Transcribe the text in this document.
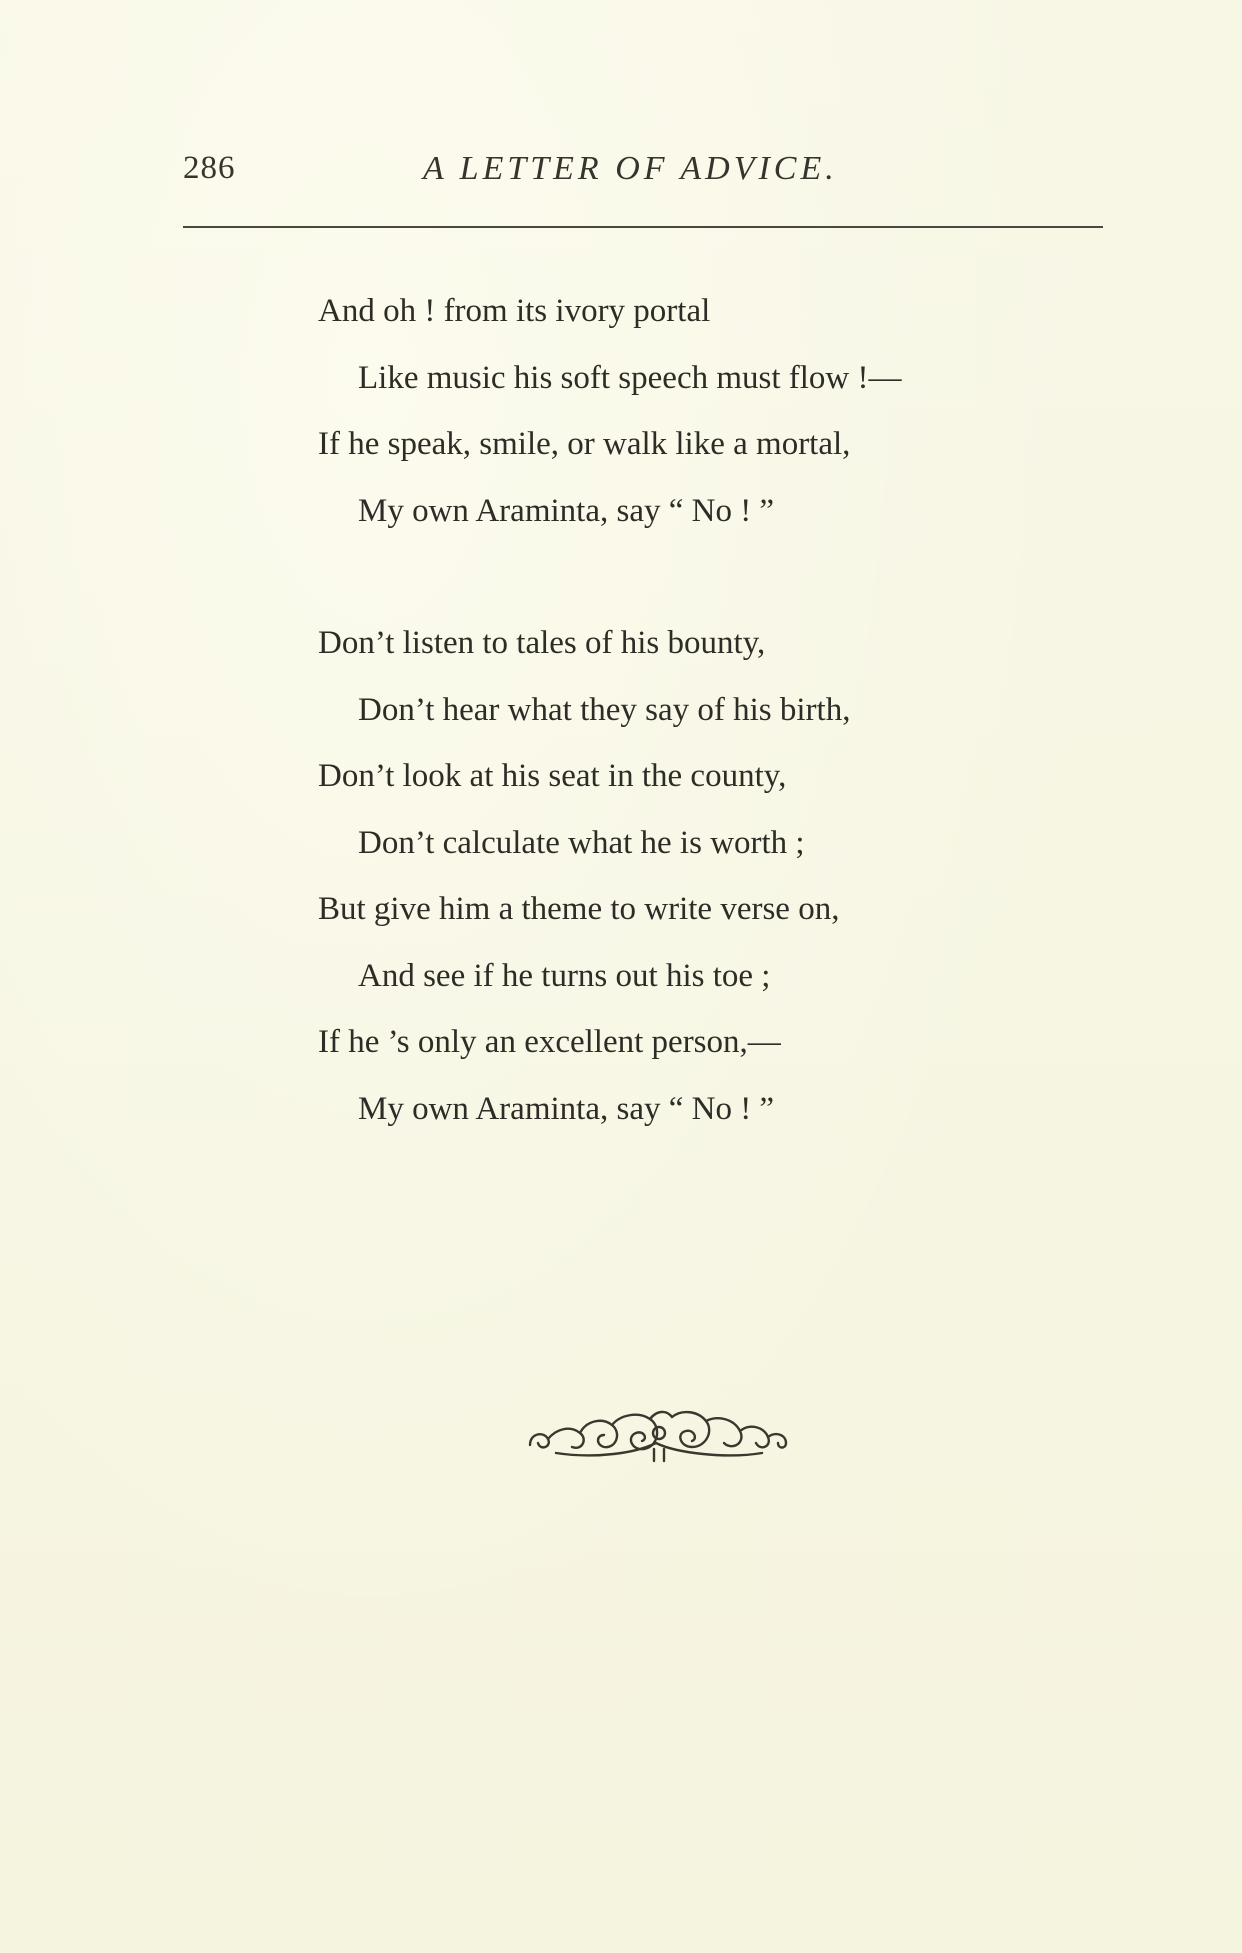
286	A LETTER OF ADVICE.
And oh ! from its ivory portal
Like music his soft speech must flow !—
If he speak, smile, or walk like a mortal,
My own Araminta, say “ No ! ”
Don’t listen to tales of his bounty,
Don’t hear what they say of his birth,
Don’t look at his seat in the county,
Don’t calculate what he is worth ;
But give him a theme to write verse on,
And see if he turns out his toe ;
If he ’s only an excellent person,—
My own Araminta, say “ No ! ”
